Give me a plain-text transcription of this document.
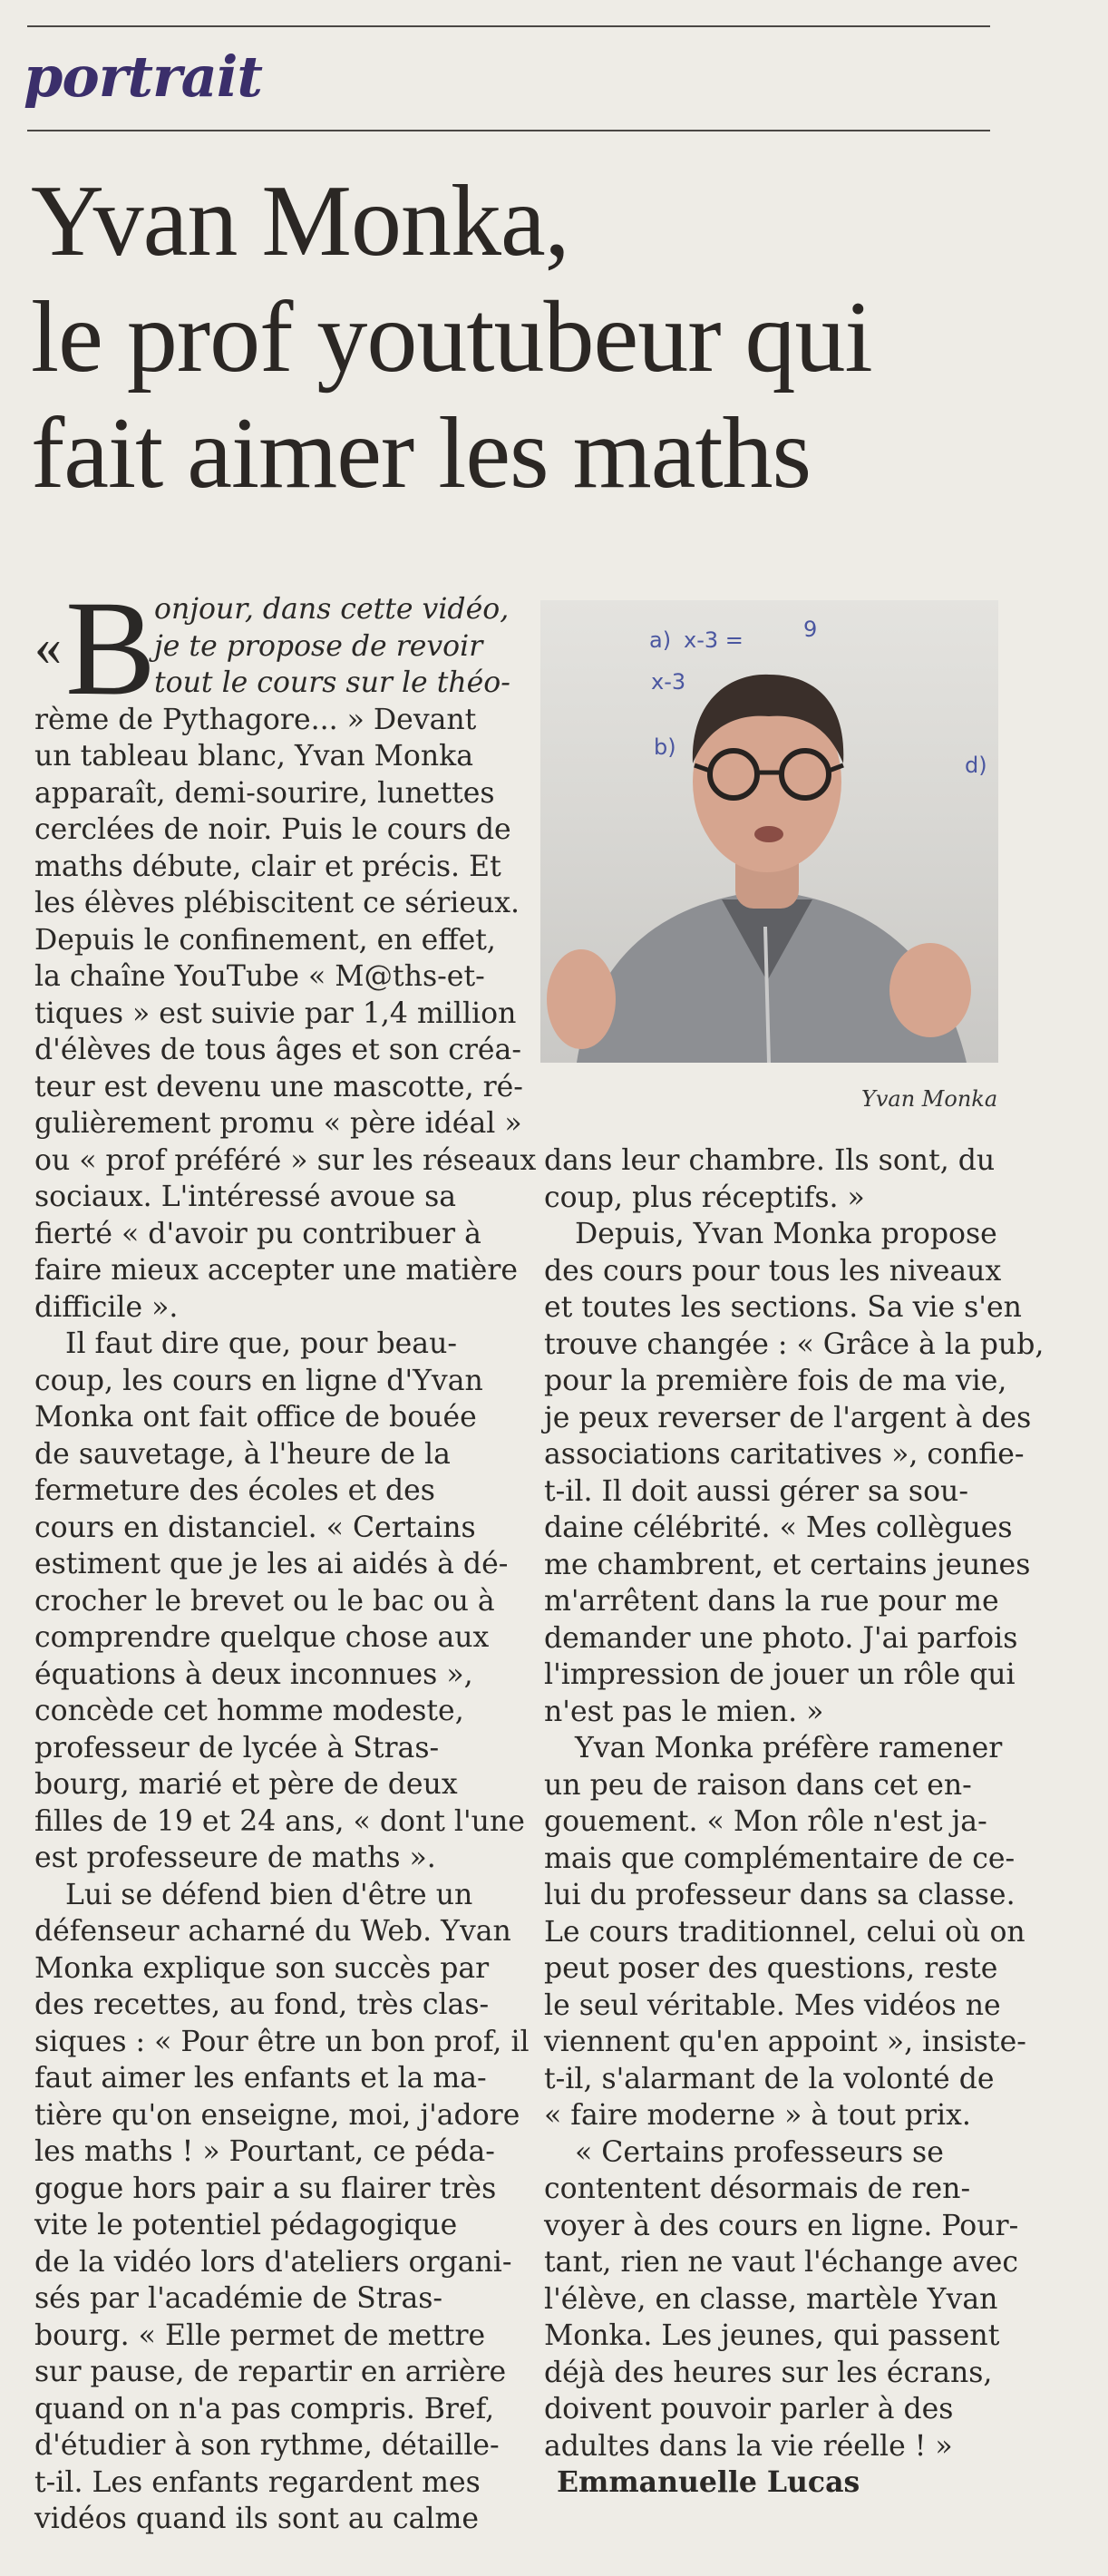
portrait
Yvan Monka,
le prof youtubeur qui
fait aimer les maths
«B
onjour, dans cette vidéo,
je te propose de revoir
tout le cours sur le théo-

rème de Pythagore... » Devant
un tableau blanc, Yvan Monka
apparaît, demi-sourire, lunettes
cerclées de noir. Puis le cours de
maths débute, clair et précis. Et
les élèves plébiscitent ce sérieux.
Depuis le confinement, en effet,
la chaîne YouTube « M@ths-et-
tiques » est suivie par 1,4 million
d'élèves de tous âges et son créa-
teur est devenu une mascotte, ré-
gulièrement promu « père idéal »
ou « prof préféré » sur les réseaux
sociaux. L'intéressé avoue sa
fierté « d'avoir pu contribuer à
faire mieux accepter une matière
difficile ».

Il faut dire que, pour beau-
coup, les cours en ligne d'Yvan
Monka ont fait office de bouée
de sauvetage, à l'heure de la
fermeture des écoles et des
cours en distanciel. « Certains
estiment que je les ai aidés à dé-
crocher le brevet ou le bac ou à
comprendre quelque chose aux
équations à deux inconnues »,
concède cet homme modeste,
professeur de lycée à Stras-
bourg, marié et père de deux
filles de 19 et 24 ans, « dont l'une
est professeure de maths ».

Lui se défend bien d'être un
défenseur acharné du Web. Yvan
Monka explique son succès par
des recettes, au fond, très clas-
siques : « Pour être un bon prof, il
faut aimer les enfants et la ma-
tière qu'on enseigne, moi, j'adore
les maths ! » Pourtant, ce péda-
gogue hors pair a su flairer très
vite le potentiel pédagogique
de la vidéo lors d'ateliers organi-
sés par l'académie de Stras-
bourg. « Elle permet de mettre
sur pause, de repartir en arrière
quand on n'a pas compris. Bref,
d'étudier à son rythme, détaille-
t-il. Les enfants regardent mes
vidéos quand ils sont au calme

a) x-3 =	9
x-3
b)
d)
Yvan Monka

dans leur chambre. Ils sont, du
coup, plus réceptifs. »

Depuis, Yvan Monka propose
des cours pour tous les niveaux
et toutes les sections. Sa vie s'en
trouve changée : « Grâce à la pub,
pour la première fois de ma vie,
je peux reverser de l'argent à des
associations caritatives », confie-
t-il. Il doit aussi gérer sa sou-
daine célébrité. « Mes collègues
me chambrent, et certains jeunes
m'arrêtent dans la rue pour me
demander une photo. J'ai parfois
l'impression de jouer un rôle qui
n'est pas le mien. »

Yvan Monka préfère ramener
un peu de raison dans cet en-
gouement. « Mon rôle n'est ja-
mais que complémentaire de ce-
lui du professeur dans sa classe.
Le cours traditionnel, celui où on
peut poser des questions, reste
le seul véritable. Mes vidéos ne
viennent qu'en appoint », insiste-
t-il, s'alarmant de la volonté de
« faire moderne » à tout prix.

« Certains professeurs se
contentent désormais de ren-
voyer à des cours en ligne. Pour-
tant, rien ne vaut l'échange avec
l'élève, en classe, martèle Yvan
Monka. Les jeunes, qui passent
déjà des heures sur les écrans,
doivent pouvoir parler à des
adultes dans la vie réelle ! »

Emmanuelle Lucas
